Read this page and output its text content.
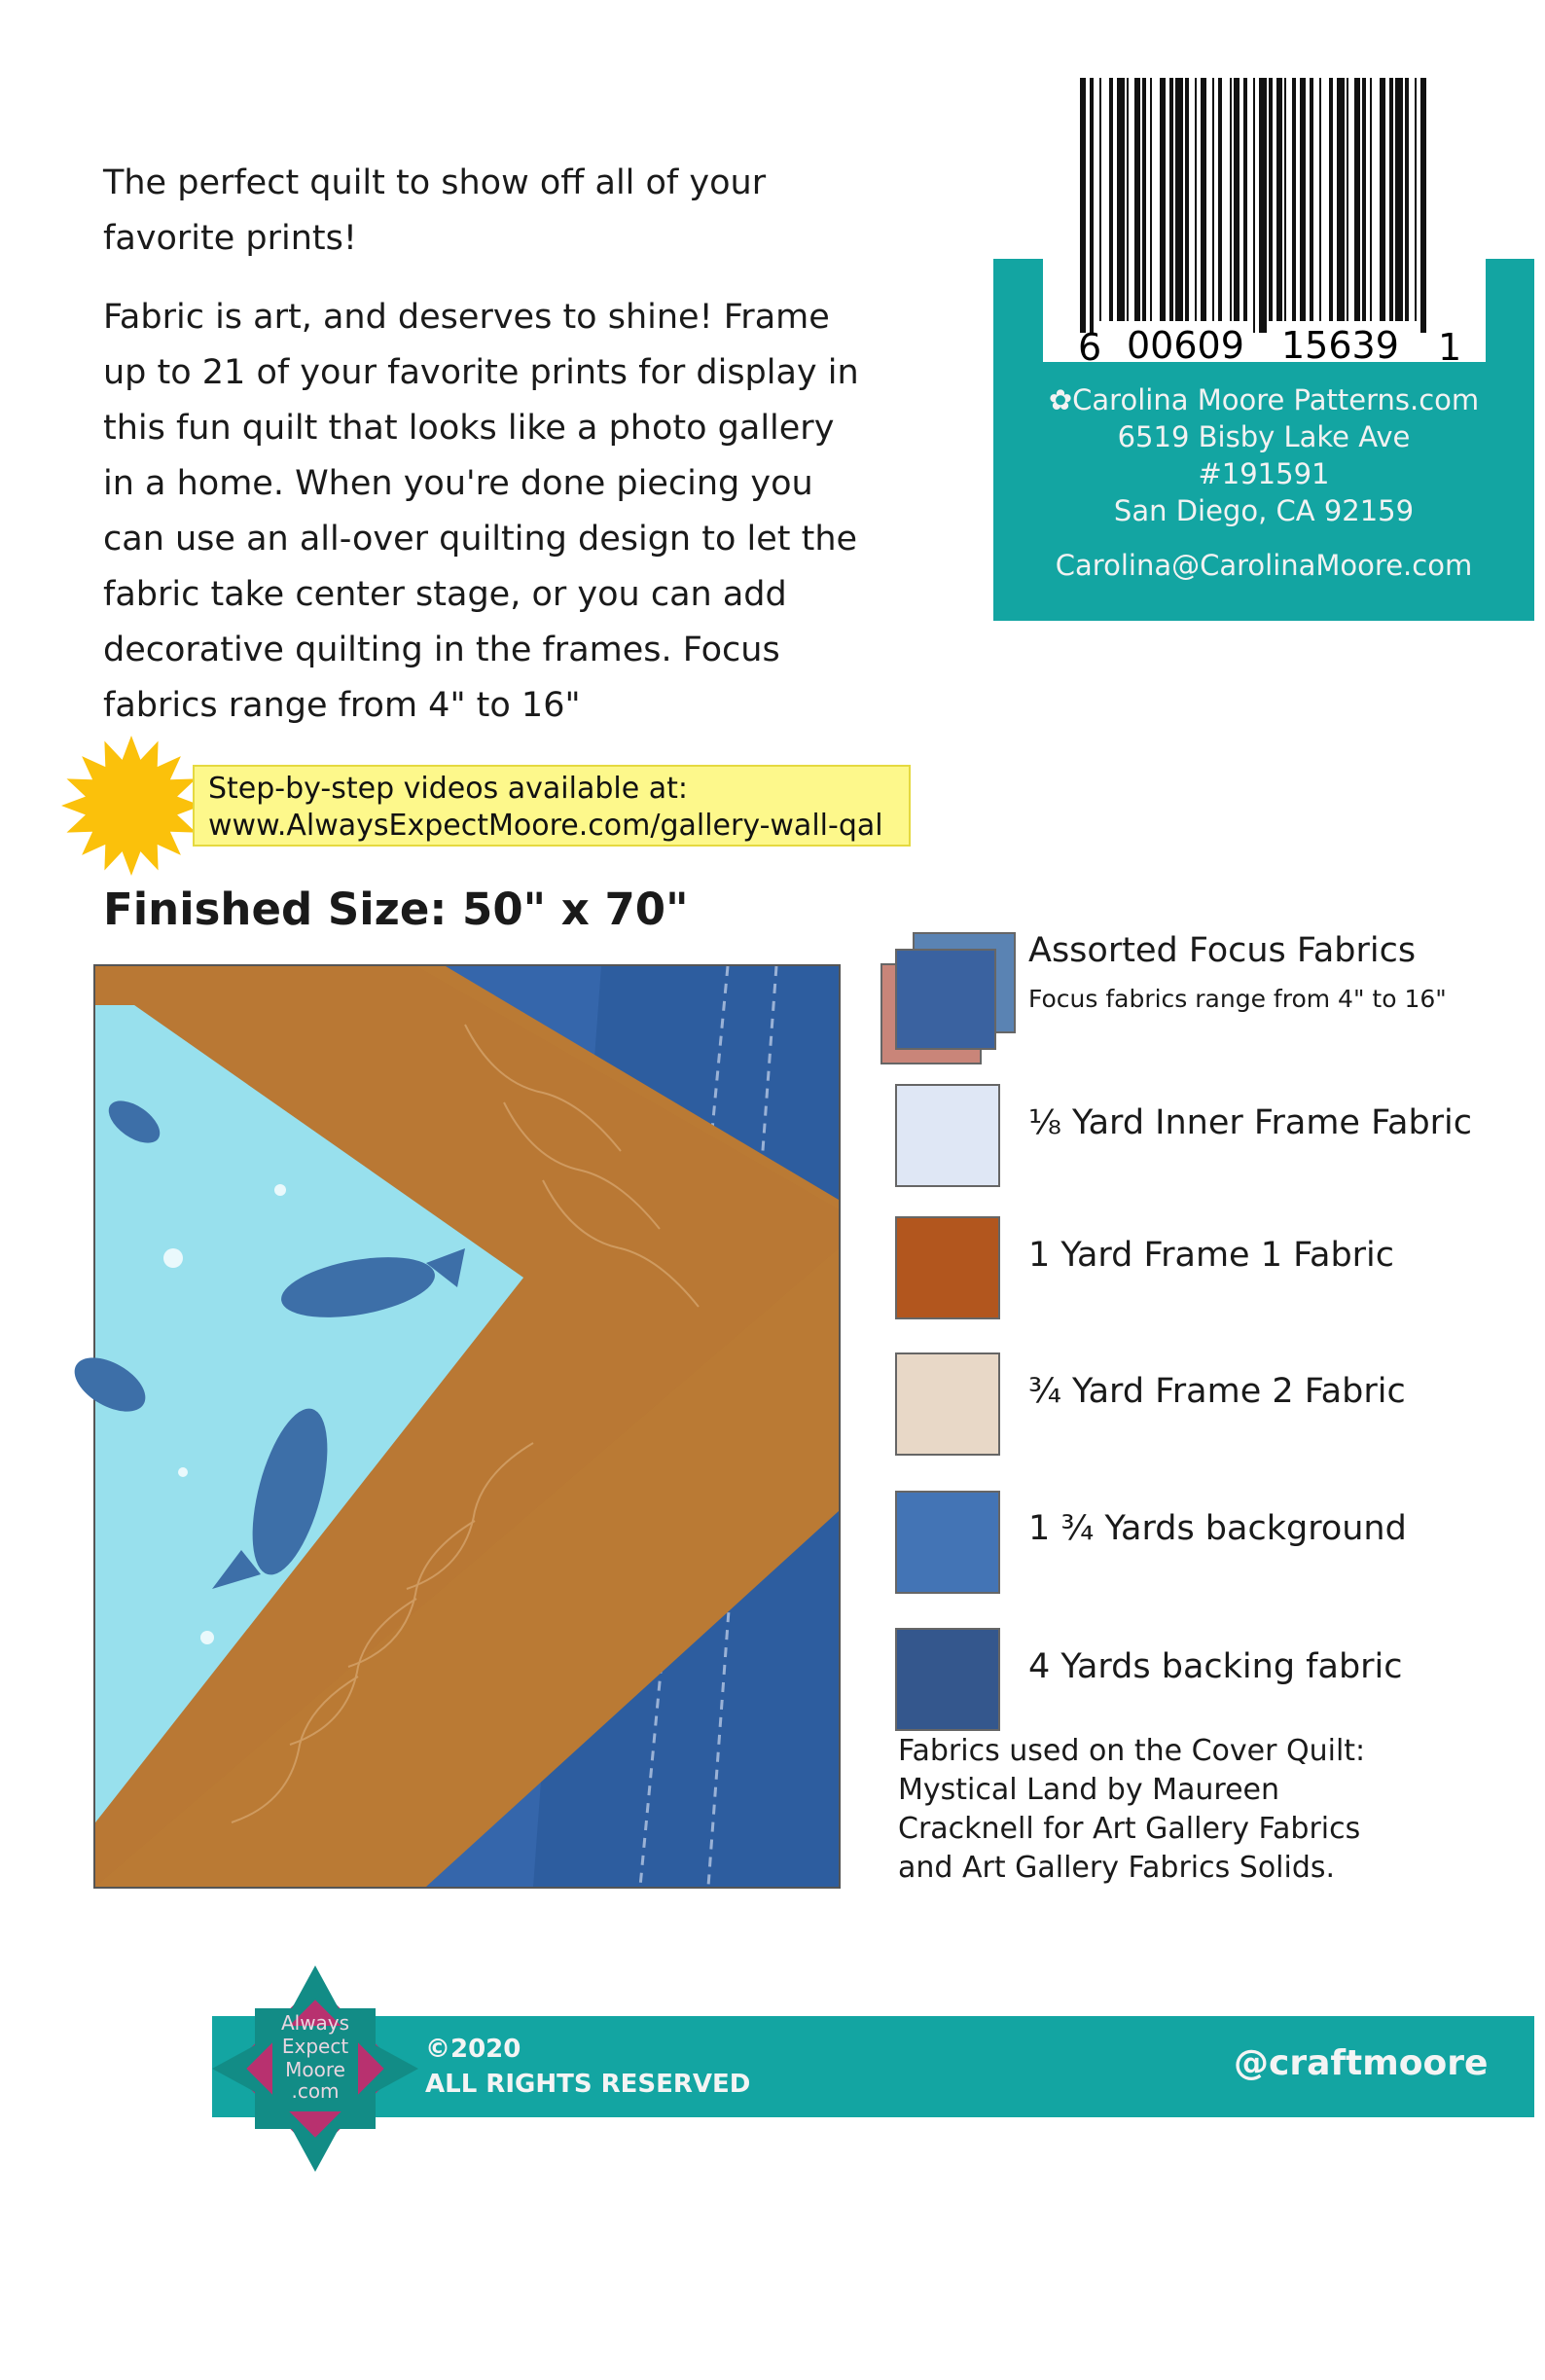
The perfect quilt to show off all of your favorite prints!

Fabric is art, and deserves to shine! Frame up to 21 of your favorite prints for display in this fun quilt that looks like a photo gallery in a home. When you're done piecing you can use an all-over quilting design to let the fabric take center stage, or you can add decorative quilting in the frames. Focus fabrics range from 4" to 16"

6 00609 15639 1
✿Carolina Moore Patterns.com
6519 Bisby Lake Ave
#191591
San Diego, CA 92159
Carolina@CarolinaMoore.com
Step-by-step videos available at:
www.AlwaysExpectMoore.com/gallery-wall-qal
Finished Size: 50" x 70"
Assorted Focus Fabrics
Focus fabrics range from 4" to 16"
⅛ Yard Inner Frame Fabric
1 Yard Frame 1 Fabric
¾ Yard Frame 2 Fabric
1 ¾ Yards background
4 Yards backing fabric
Fabrics used on the Cover Quilt:
Mystical Land by Maureen
Cracknell for Art Gallery Fabrics
and Art Gallery Fabrics Solids.
Always
Expect
Moore
.com
©2020
ALL RIGHTS RESERVED
@craftmoore
